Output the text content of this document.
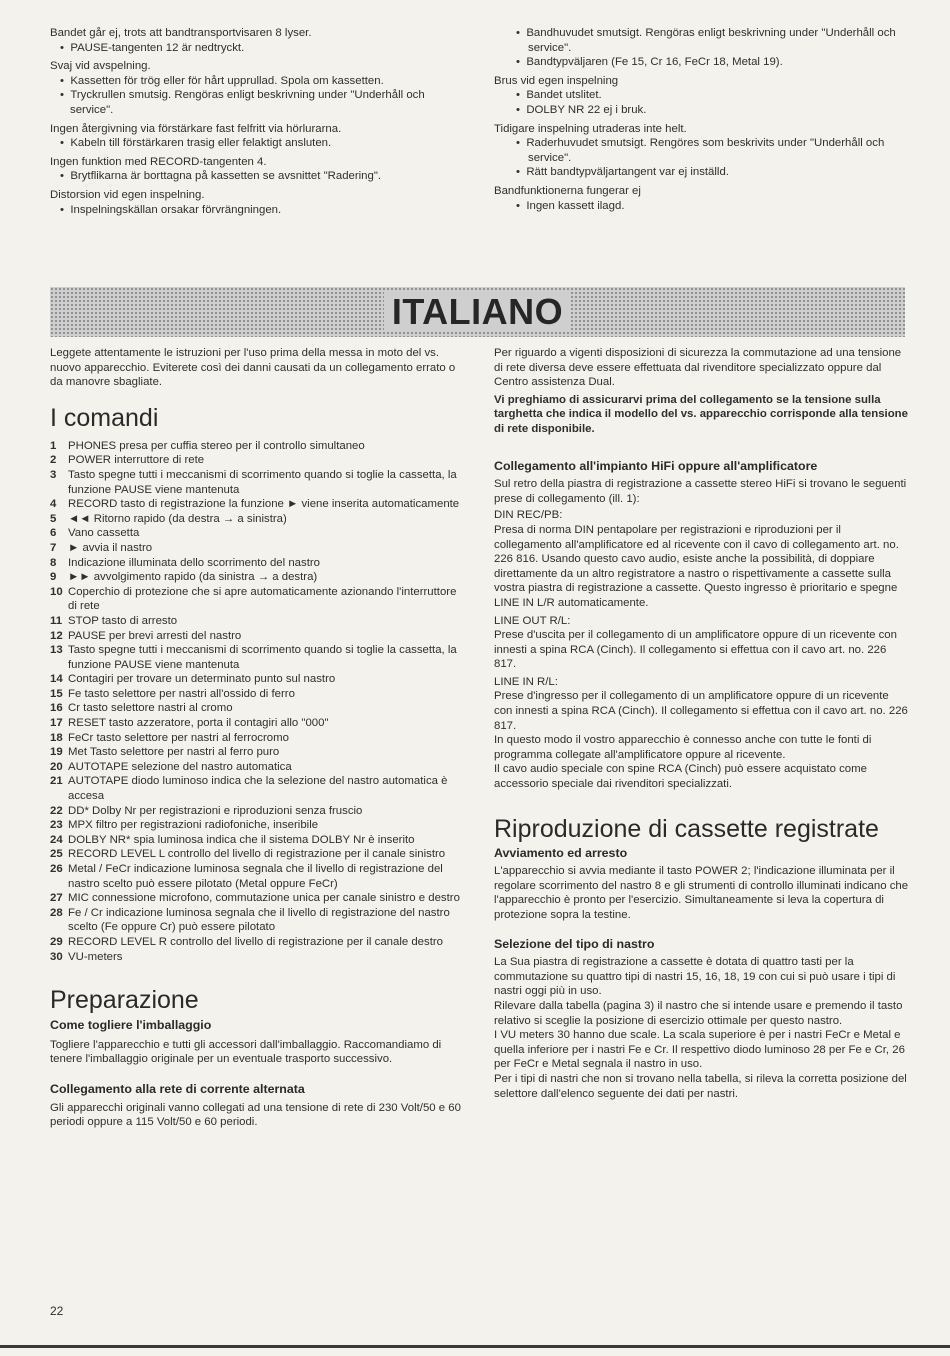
Bandet går ej, trots att bandtransportvisaren 8 lyser.

•  PAUSE-tangenten 12 är nedtryckt.

Svaj vid avspelning.

•  Kassetten för trög eller för hårt upprullad. Spola om kassetten.

•  Tryckrullen smutsig. Rengöras enligt beskrivning under "Underhåll och service".

Ingen återgivning via förstärkare fast felfritt via hörlurarna.

•  Kabeln till förstärkaren trasig eller felaktigt ansluten.

Ingen funktion med RECORD-tangenten 4.

•  Brytflikarna är borttagna på kassetten se avsnittet "Radering".

Distorsion vid egen inspelning.

•  Inspelningskällan orsakar förvrängningen.

•  Bandhuvudet smutsigt. Rengöras enligt beskrivning under "Underhåll och service".

•  Bandtypväljaren (Fe 15, Cr 16, FeCr 18, Metal 19).

Brus vid egen inspelning

•  Bandet utslitet.

•  DOLBY NR 22 ej i bruk.

Tidigare inspelning utraderas inte helt.

•  Raderhuvudet smutsigt. Rengöres som beskrivits under "Underhåll och service".

•  Rätt bandtypväljartangent var ej inställd.

Bandfunktionerna fungerar ej

•  Ingen kassett ilagd.

ITALIANO

Leggete attentamente le istruzioni per l'uso prima della messa in moto del vs. nuovo apparecchio. Eviterete così dei danni causati da un collegamento errato o da manovre sbagliate.

I comandi
1	PHONES presa per cuffia stereo per il controllo simultaneo
2	POWER interruttore di rete
3	Tasto spegne tutti i meccanismi di scorrimento quando si toglie la cassetta, la funzione PAUSE viene mantenuta
4	RECORD tasto di registrazione la funzione ► viene inserita automaticamente
5	◄◄ Ritorno rapido (da destra → a sinistra)
6	Vano cassetta
7	► avvia il nastro
8	Indicazione illuminata dello scorrimento del nastro
9	►► avvolgimento rapido (da sinistra → a destra)
10 Coperchio di protezione che si apre automaticamente azionando l'interruttore di rete
11 STOP tasto di arresto
12 PAUSE per brevi arresti del nastro
13 Tasto spegne tutti i meccanismi di scorrimento quando si toglie la cassetta, la funzione PAUSE viene mantenuta
14 Contagiri per trovare un determinato punto sul nastro
15 Fe tasto selettore per nastri all'ossido di ferro
16 Cr tasto selettore nastri al cromo
17 RESET tasto azzeratore, porta il contagiri allo "000"
18 FeCr tasto selettore per nastri al ferrocromo
19 Met Tasto selettore per nastri al ferro puro
20 AUTOTAPE selezione del nastro automatica
21 AUTOTAPE diodo luminoso indica che la selezione del nastro automatica è accesa
22 DD* Dolby Nr per registrazioni e riproduzioni senza fruscio
23 MPX filtro per registrazioni radiofoniche, inseribile
24 DOLBY NR* spia luminosa indica che il sistema DOLBY Nr è inserito
25 RECORD LEVEL L controllo del livello di registrazione per il canale sinistro
26 Metal / FeCr indicazione luminosa segnala che il livello di registrazione del nastro scelto può essere pilotato (Metal oppure FeCr)
27 MIC connessione microfono, commutazione unica per canale sinistro e destro
28 Fe / Cr indicazione luminosa segnala che il livello di registrazione del nastro scelto (Fe oppure Cr) può essere pilotato
29 RECORD LEVEL R controllo del livello di registrazione per il canale destro
30 VU-meters
Preparazione
Come togliere l'imballaggio

Togliere l'apparecchio e tutti gli accessori dall'imballaggio. Raccomandiamo di tenere l'imballaggio originale per un eventuale trasporto successivo.

Collegamento alla rete di corrente alternata

Gli apparecchi originali vanno collegati ad una tensione di rete di 230 Volt/50 e 60 periodi oppure a 115 Volt/50 e 60 periodi.

Per riguardo a vigenti disposizioni di sicurezza la commutazione ad una tensione di rete diversa deve essere effettuata dal rivenditore specializzato oppure dal Centro assistenza Dual.

Vi preghiamo di assicurarvi prima del collegamento se la tensione sulla targhetta che indica il modello del vs. apparecchio corrisponde alla tensione di rete disponibile.

Collegamento all'impianto HiFi oppure all'amplificatore

Sul retro della piastra di registrazione a cassette stereo HiFi si trovano le seguenti prese di collegamento (ill. 1):

DIN REC/PB:

Presa di norma DIN pentapolare per registrazioni e riproduzioni per il collegamento all'amplificatore ed al ricevente con il cavo di collegamento art. no. 226 816. Usando questo cavo audio, esiste anche la possibilità, di doppiare direttamente da un altro registratore a nastro o rispettivamente a cassette sulla vostra piastra di registrazione a cassette. Questo ingresso è prioritario e spegne LINE IN L/R automaticamente.

LINE OUT R/L:

Prese d'uscita per il collegamento di un amplificatore oppure di un ricevente con innesti a spina RCA (Cinch). Il collegamento si effettua con il cavo art. no. 226 817.

LINE IN R/L:

Prese d'ingresso per il collegamento di un amplificatore oppure di un ricevente con innesti a spina RCA (Cinch). Il collegamento si effettua con il cavo art. no. 226 817.

In questo modo il vostro apparecchio è connesso anche con tutte le fonti di programma collegate all'amplificatore oppure al ricevente.

Il cavo audio speciale con spine RCA (Cinch) può essere acquistato come accessorio speciale dai rivenditori specializzati.

Riproduzione di cassette registrate
Avviamento ed arresto

L'apparecchio si avvia mediante il tasto POWER 2; l'indicazione illuminata per il regolare scorrimento del nastro 8 e gli strumenti di controllo illuminati indicano che l'apparecchio è pronto per l'esercizio. Simultaneamente si leva la copertura di protezione sopra la testine.

Selezione del tipo di nastro

La Sua piastra di registrazione a cassette è dotata di quattro tasti per la commutazione su quattro tipi di nastri 15, 16, 18, 19 con cui si può usare i tipi di nastri oggi più in uso.

Rilevare dalla tabella (pagina 3) il nastro che si intende usare e premendo il tasto relativo si sceglie la posizione di esercizio ottimale per questo nastro.

I VU meters 30 hanno due scale. La scala superiore è per i nastri FeCr e Metal e quella inferiore per i nastri Fe e Cr. Il respettivo diodo luminoso 28 per Fe e Cr, 26 per FeCr e Metal segnala il nastro in uso.

Per i tipi di nastri che non si trovano nella tabella, si rileva la corretta posizione del selettore dall'elenco seguente dei dati per nastri.

22
